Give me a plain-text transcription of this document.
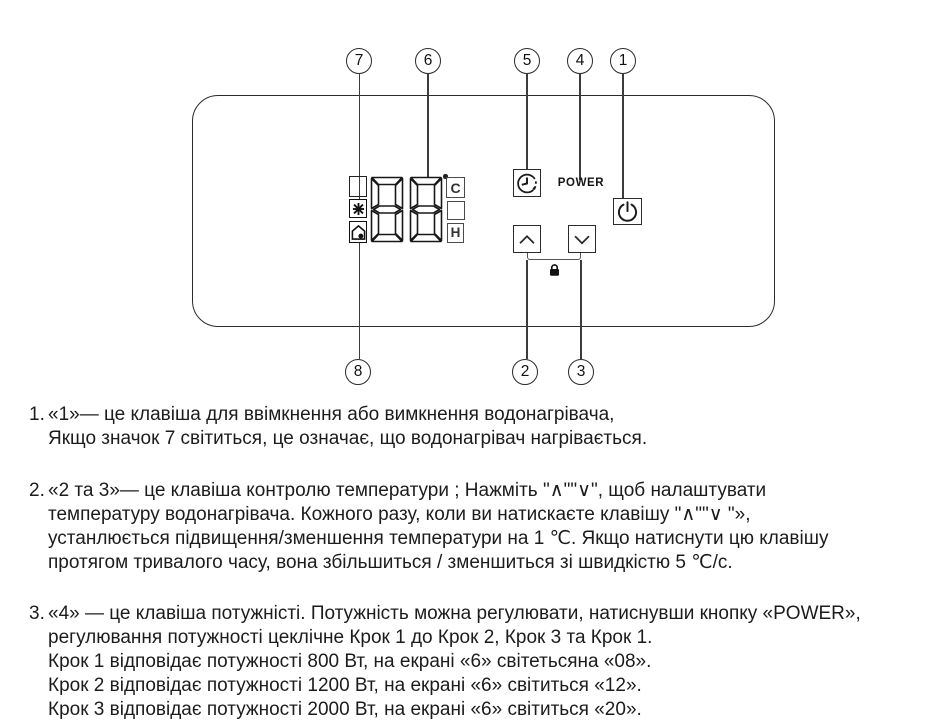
7	6	5	4 1
8	2	3
C
H
POWER
1. «1»— це клавіша для ввімкнення або вимкнення водонагрівача,
Якщо значок 7 світиться, це означає, що водонагрівач нагрівається.
2. «2 та 3»— це клавіша контролю температури ; Нажміть "∧""∨", щоб налаштувати
температуру водонагрівача. Кожного разу, коли ви натискаєте клавішу "∧""∨ "»,
устанлюється підвищення/зменшення температури на 1 ℃. Якщо натиснути цю клавішу
протягом тривалого часу, вона збільшиться / зменшиться зі швидкістю 5 ℃/с.
3. «4» — це клавіша потужністі. Потужність можна регулювати, натиснувши кнопку «POWER»,
регулювання потужності цеклічне Крок 1 до Крок 2, Крок 3 та Крок 1.
Крок 1 відповідає потужності 800 Вт, на екрані «6» світетьсяна «08».
Крок 2 відповідає потужності 1200 Вт, на екрані «6» світиться «12».
Крок 3 відповідає потужності 2000 Вт, на екрані «6» світиться «20».
